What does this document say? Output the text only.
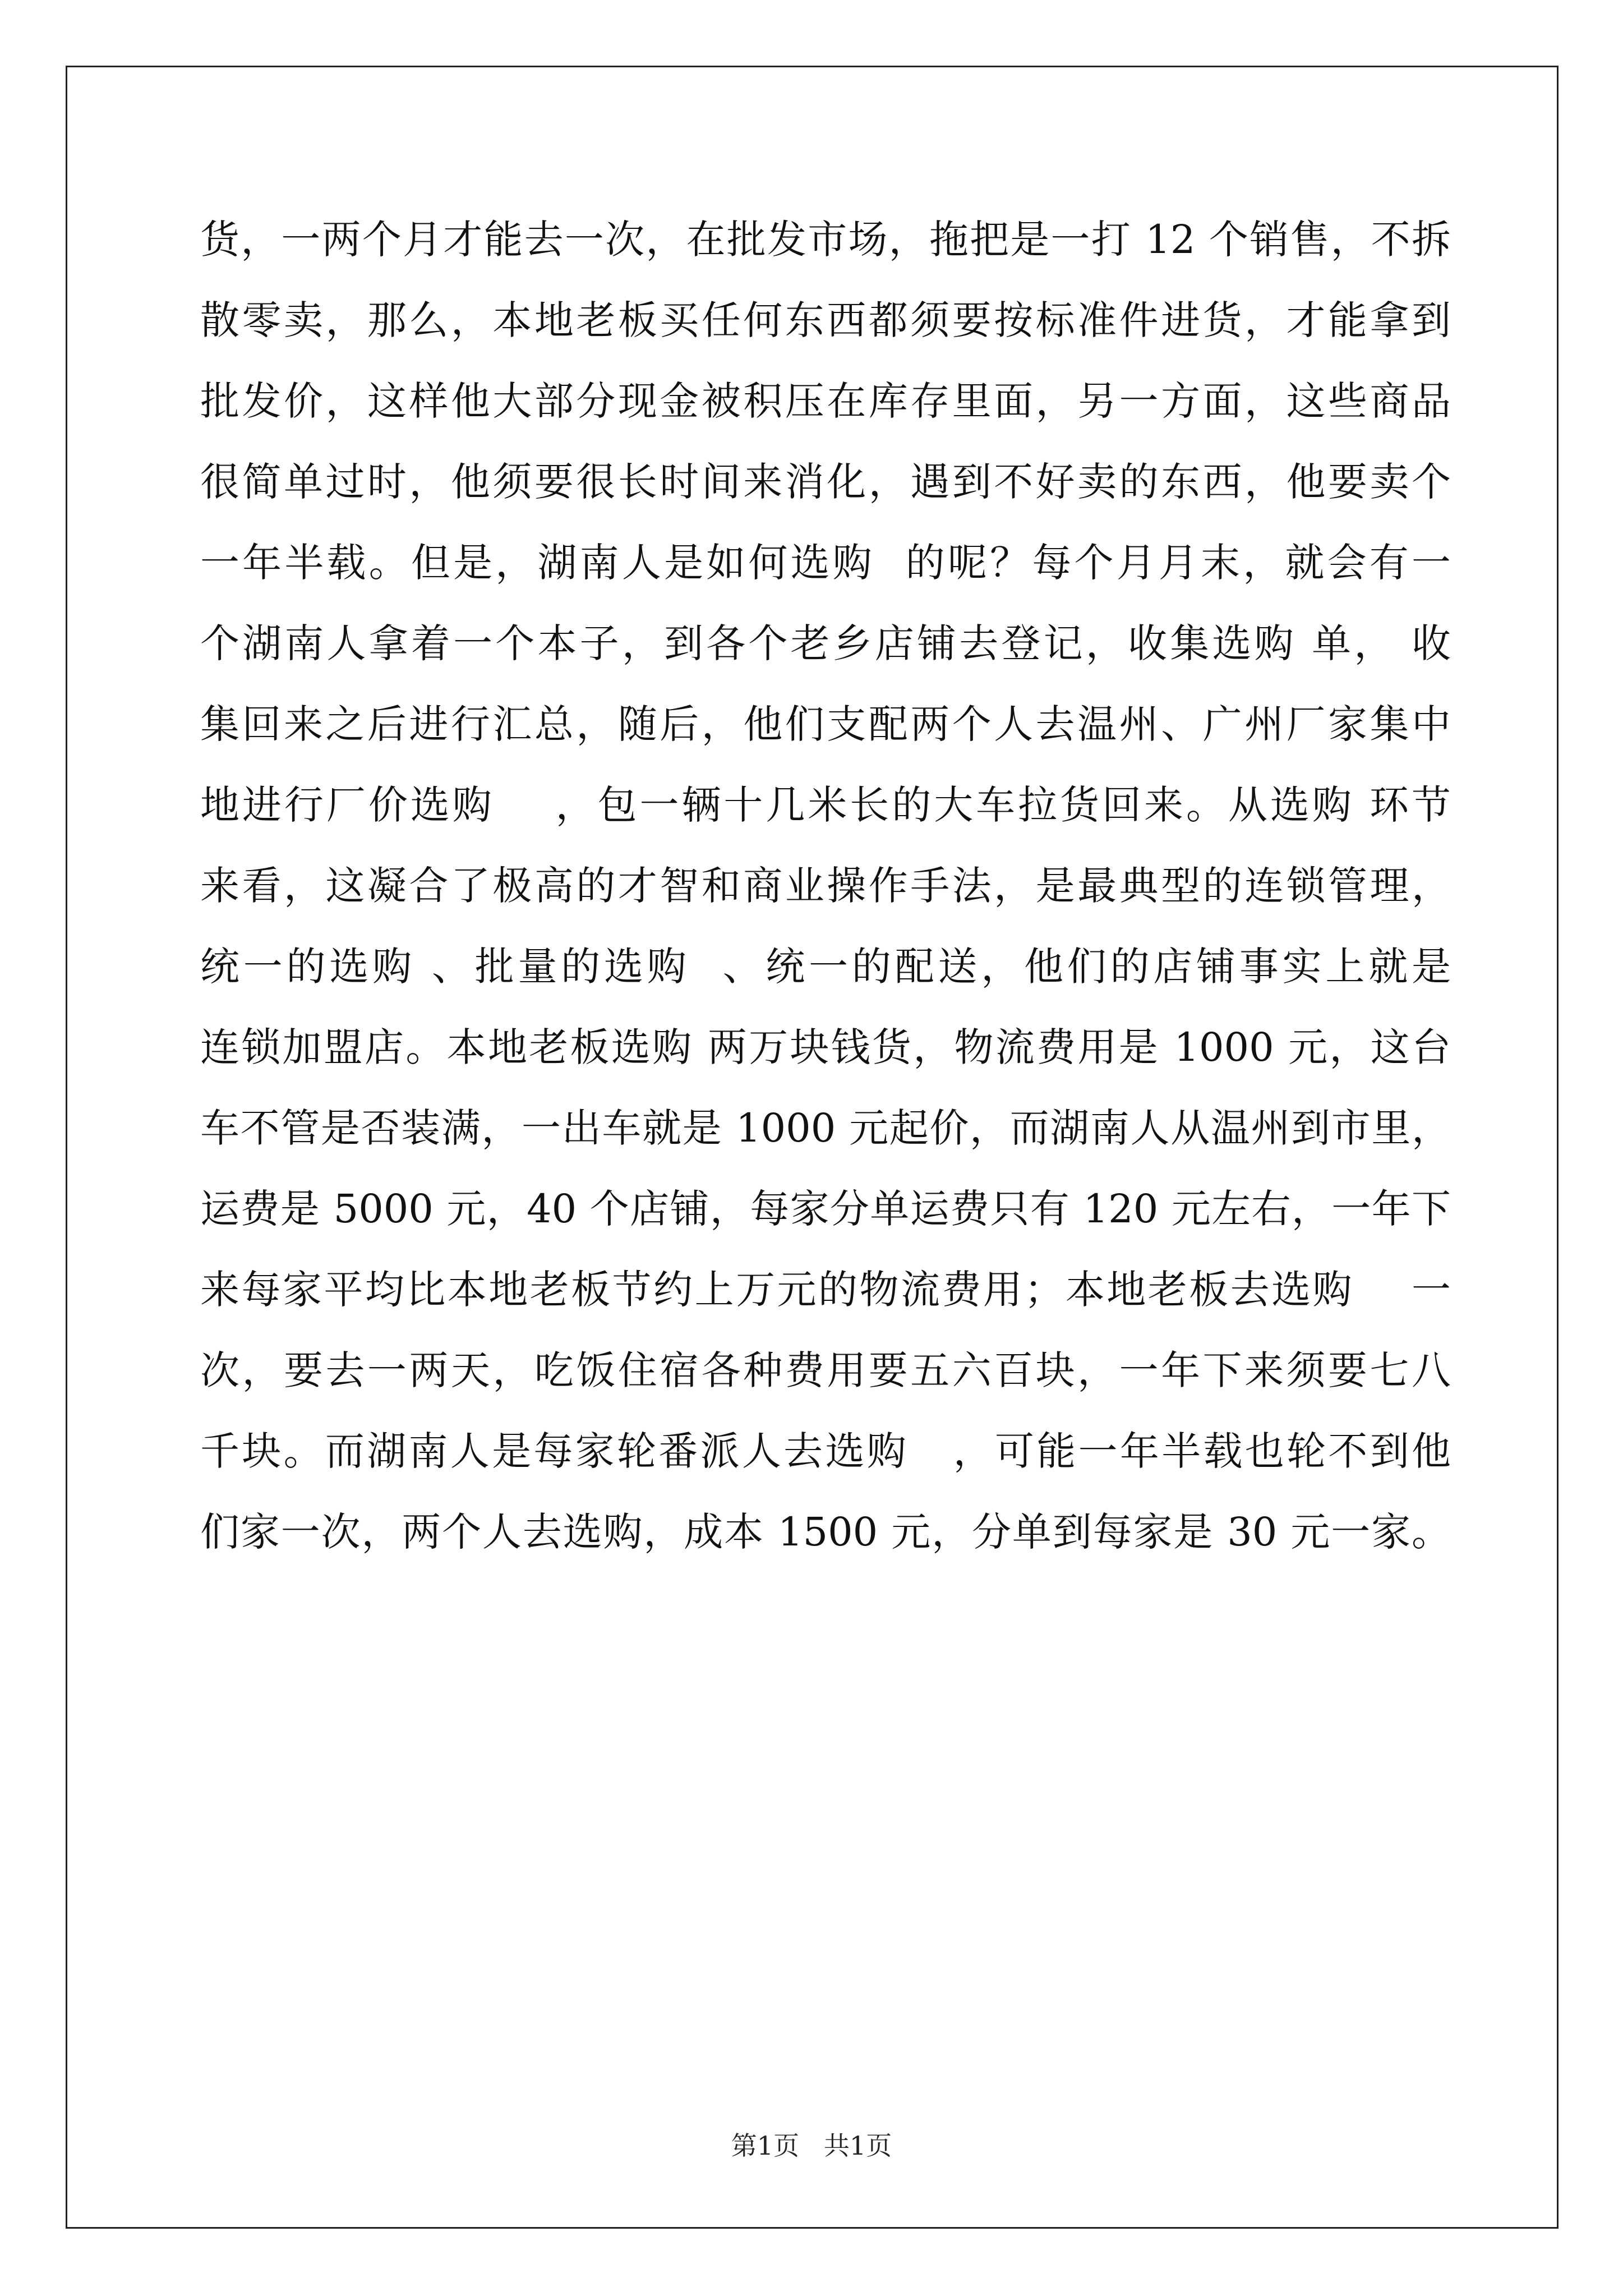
货，一两个月才能去一次，在批发市场，拖把是一打 12 个销售，不拆
散零卖，那么，本地老板买任何东西都须要按标准件进货，才能拿到
批发价，这样他大部分现金被积压在库存里面，另一方面，这些商品
很简单过时，他须要很长时间来消化，遇到不好卖的东西，他要卖个
一年半载。但是，湖南人是如何选购  的呢？每个月月末，就会有一
个湖南人拿着一个本子，到各个老乡店铺去登记，收集选购 单， 收
集回来之后进行汇总，随后，他们支配两个人去温州、广州厂家集中
地进行厂价选购    ，包一辆十几米长的大车拉货回来。从选购 环节
来看，这凝合了极高的才智和商业操作手法，是最典型的连锁管理，
统一的选购 、批量的选购  、统一的配送，他们的店铺事实上就是
连锁加盟店。本地老板选购 两万块钱货，物流费用是 1000 元，这台
车不管是否装满，一出车就是 1000 元起价，而湖南人从温州到市里，
运费是 5000 元，40 个店铺，每家分单运费只有 120 元左右，一年下
来每家平均比本地老板节约上万元的物流费用；本地老板去选购    一
次，要去一两天，吃饭住宿各种费用要五六百块，一年下来须要七八
千块。而湖南人是每家轮番派人去选购   ，可能一年半载也轮不到他
们家一次，两个人去选购，成本 1500 元，分单到每家是 30 元一家。
第1页   共1页
